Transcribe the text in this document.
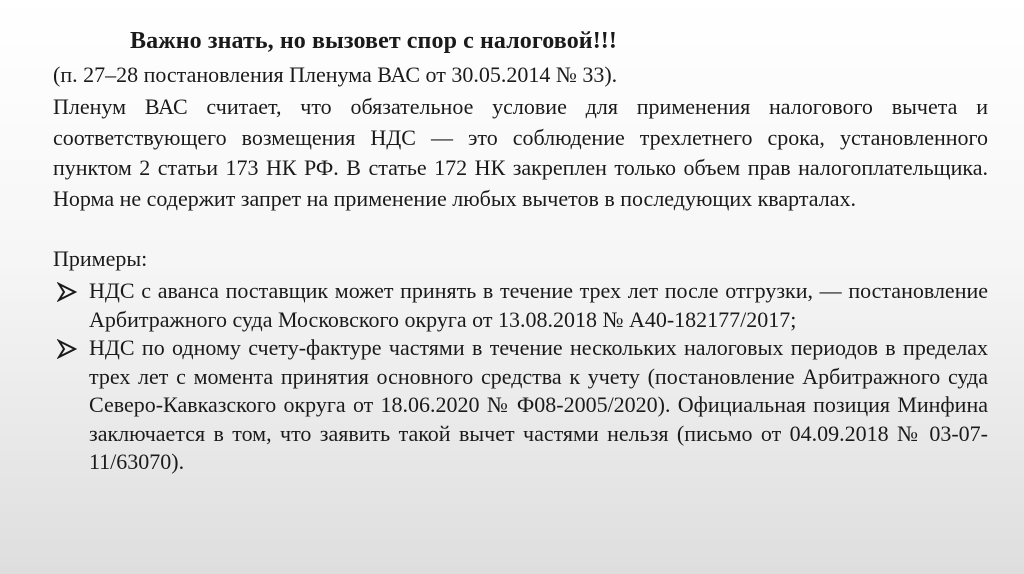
Важно знать, но вызовет спор с налоговой!!!
(п. 27–28 постановления Пленума ВАС от 30.05.2014 № 33).
Пленум ВАС считает, что обязательное условие для применения налогового вычета и соответствующего возмещения НДС — это соблюдение трехлетнего срока, установленного пунктом 2 статьи 173 НК РФ. В статье 172 НК закреплен только объем прав налогоплательщика. Норма не содержит запрет на применение любых вычетов в последующих кварталах.
Примеры:
НДС с аванса поставщик может принять в течение трех лет после отгрузки, — постановление Арбитражного суда Московского округа от 13.08.2018 № А40-182177/2017;
НДС по одному счету-фактуре частями в течение нескольких налоговых периодов в пределах трех лет с момента принятия основного средства к учету (постановление Арбитражного суда Северо-Кавказского округа от 18.06.2020 № Ф08-2005/2020). Официальная позиция Минфина заключается в том, что заявить такой вычет частями нельзя (письмо от 04.09.2018 № 03-07-11/63070).
